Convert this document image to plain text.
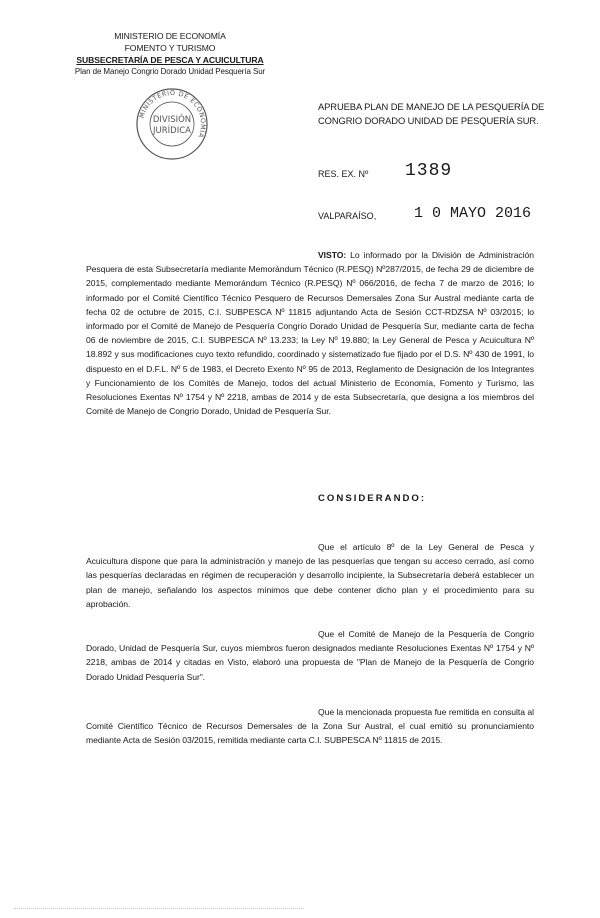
MINISTERIO DE ECONOMÍA
FOMENTO Y TURISMO
SUBSECRETARÍA DE PESCA Y ACUICULTURA
Plan de Manejo Congrio Dorado Unidad Pesquería Sur
MINISTERIO DE ECONOMÍA
DIVISIÓN
JURÍDICA
APRUEBA PLAN DE MANEJO DE LA PESQUERÍA DE CONGRIO DORADO UNIDAD DE PESQUERÍA SUR.
RES. EX. Nº 1389
VALPARAÍSO,	1 0 MAYO 2016
VISTO: Lo informado por la División de Administración Pesquera de esta Subsecretaría mediante Memorándum Técnico (R.PESQ) Nº287/2015, de fecha 29 de diciembre de 2015, complementado mediante Memorándum Técnico (R.PESQ) Nº 066/2016, de fecha 7 de marzo de 2016; lo informado por el Comité Científico Técnico Pesquero de Recursos Demersales Zona Sur Austral mediante carta de fecha 02 de octubre de 2015, C.I. SUBPESCA Nº 11815 adjuntando Acta de Sesión CCT-RDZSA Nº 03/2015; lo informado por el Comité de Manejo de Pesquería Congrio Dorado Unidad de Pesquería Sur, mediante carta de fecha 06 de noviembre de 2015, C.I. SUBPESCA Nº 13.233; la Ley Nº 19.880; la Ley General de Pesca y Acuicultura Nº 18.892 y sus modificaciones cuyo texto refundido, coordinado y sistematizado fue fijado por el D.S. Nº 430 de 1991, lo dispuesto en el D.F.L. Nº 5 de 1983, el Decreto Exento Nº 95 de 2013, Reglamento de Designación de los Integrantes y Funcionamiento de los Comités de Manejo, todos del actual Ministerio de Economía, Fomento y Turismo, las Resoluciones Exentas Nº 1754 y Nº 2218, ambas de 2014 y de esta Subsecretaría, que designa a los miembros del Comité de Manejo de Congrio Dorado, Unidad de Pesquería Sur.
CONSIDERANDO:
Que el artículo 8º de la Ley General de Pesca y Acuicultura dispone que para la administración y manejo de las pesquerías que tengan su acceso cerrado, así como las pesquerías declaradas en régimen de recuperación y desarrollo incipiente, la Subsecretaría deberá establecer un plan de manejo, señalando los aspectos mínimos que debe contener dicho plan y el procedimiento para su aprobación.
Que el Comité de Manejo de la Pesquería de Congrio Dorado, Unidad de Pesquería Sur, cuyos miembros fueron designados mediante Resoluciones Exentas Nº 1754 y Nº 2218, ambas de 2014 y citadas en Visto, elaboró una propuesta de "Plan de Manejo de la Pesquería de Congrio Dorado Unidad Pesquería Sur".
Que la mencionada propuesta fue remitida en consulta al Comité Científico Técnico de Recursos Demersales de la Zona Sur Austral, el cual emitió su pronunciamiento mediante Acta de Sesión 03/2015, remitida mediante carta C.I. SUBPESCA Nº 11815 de 2015.
